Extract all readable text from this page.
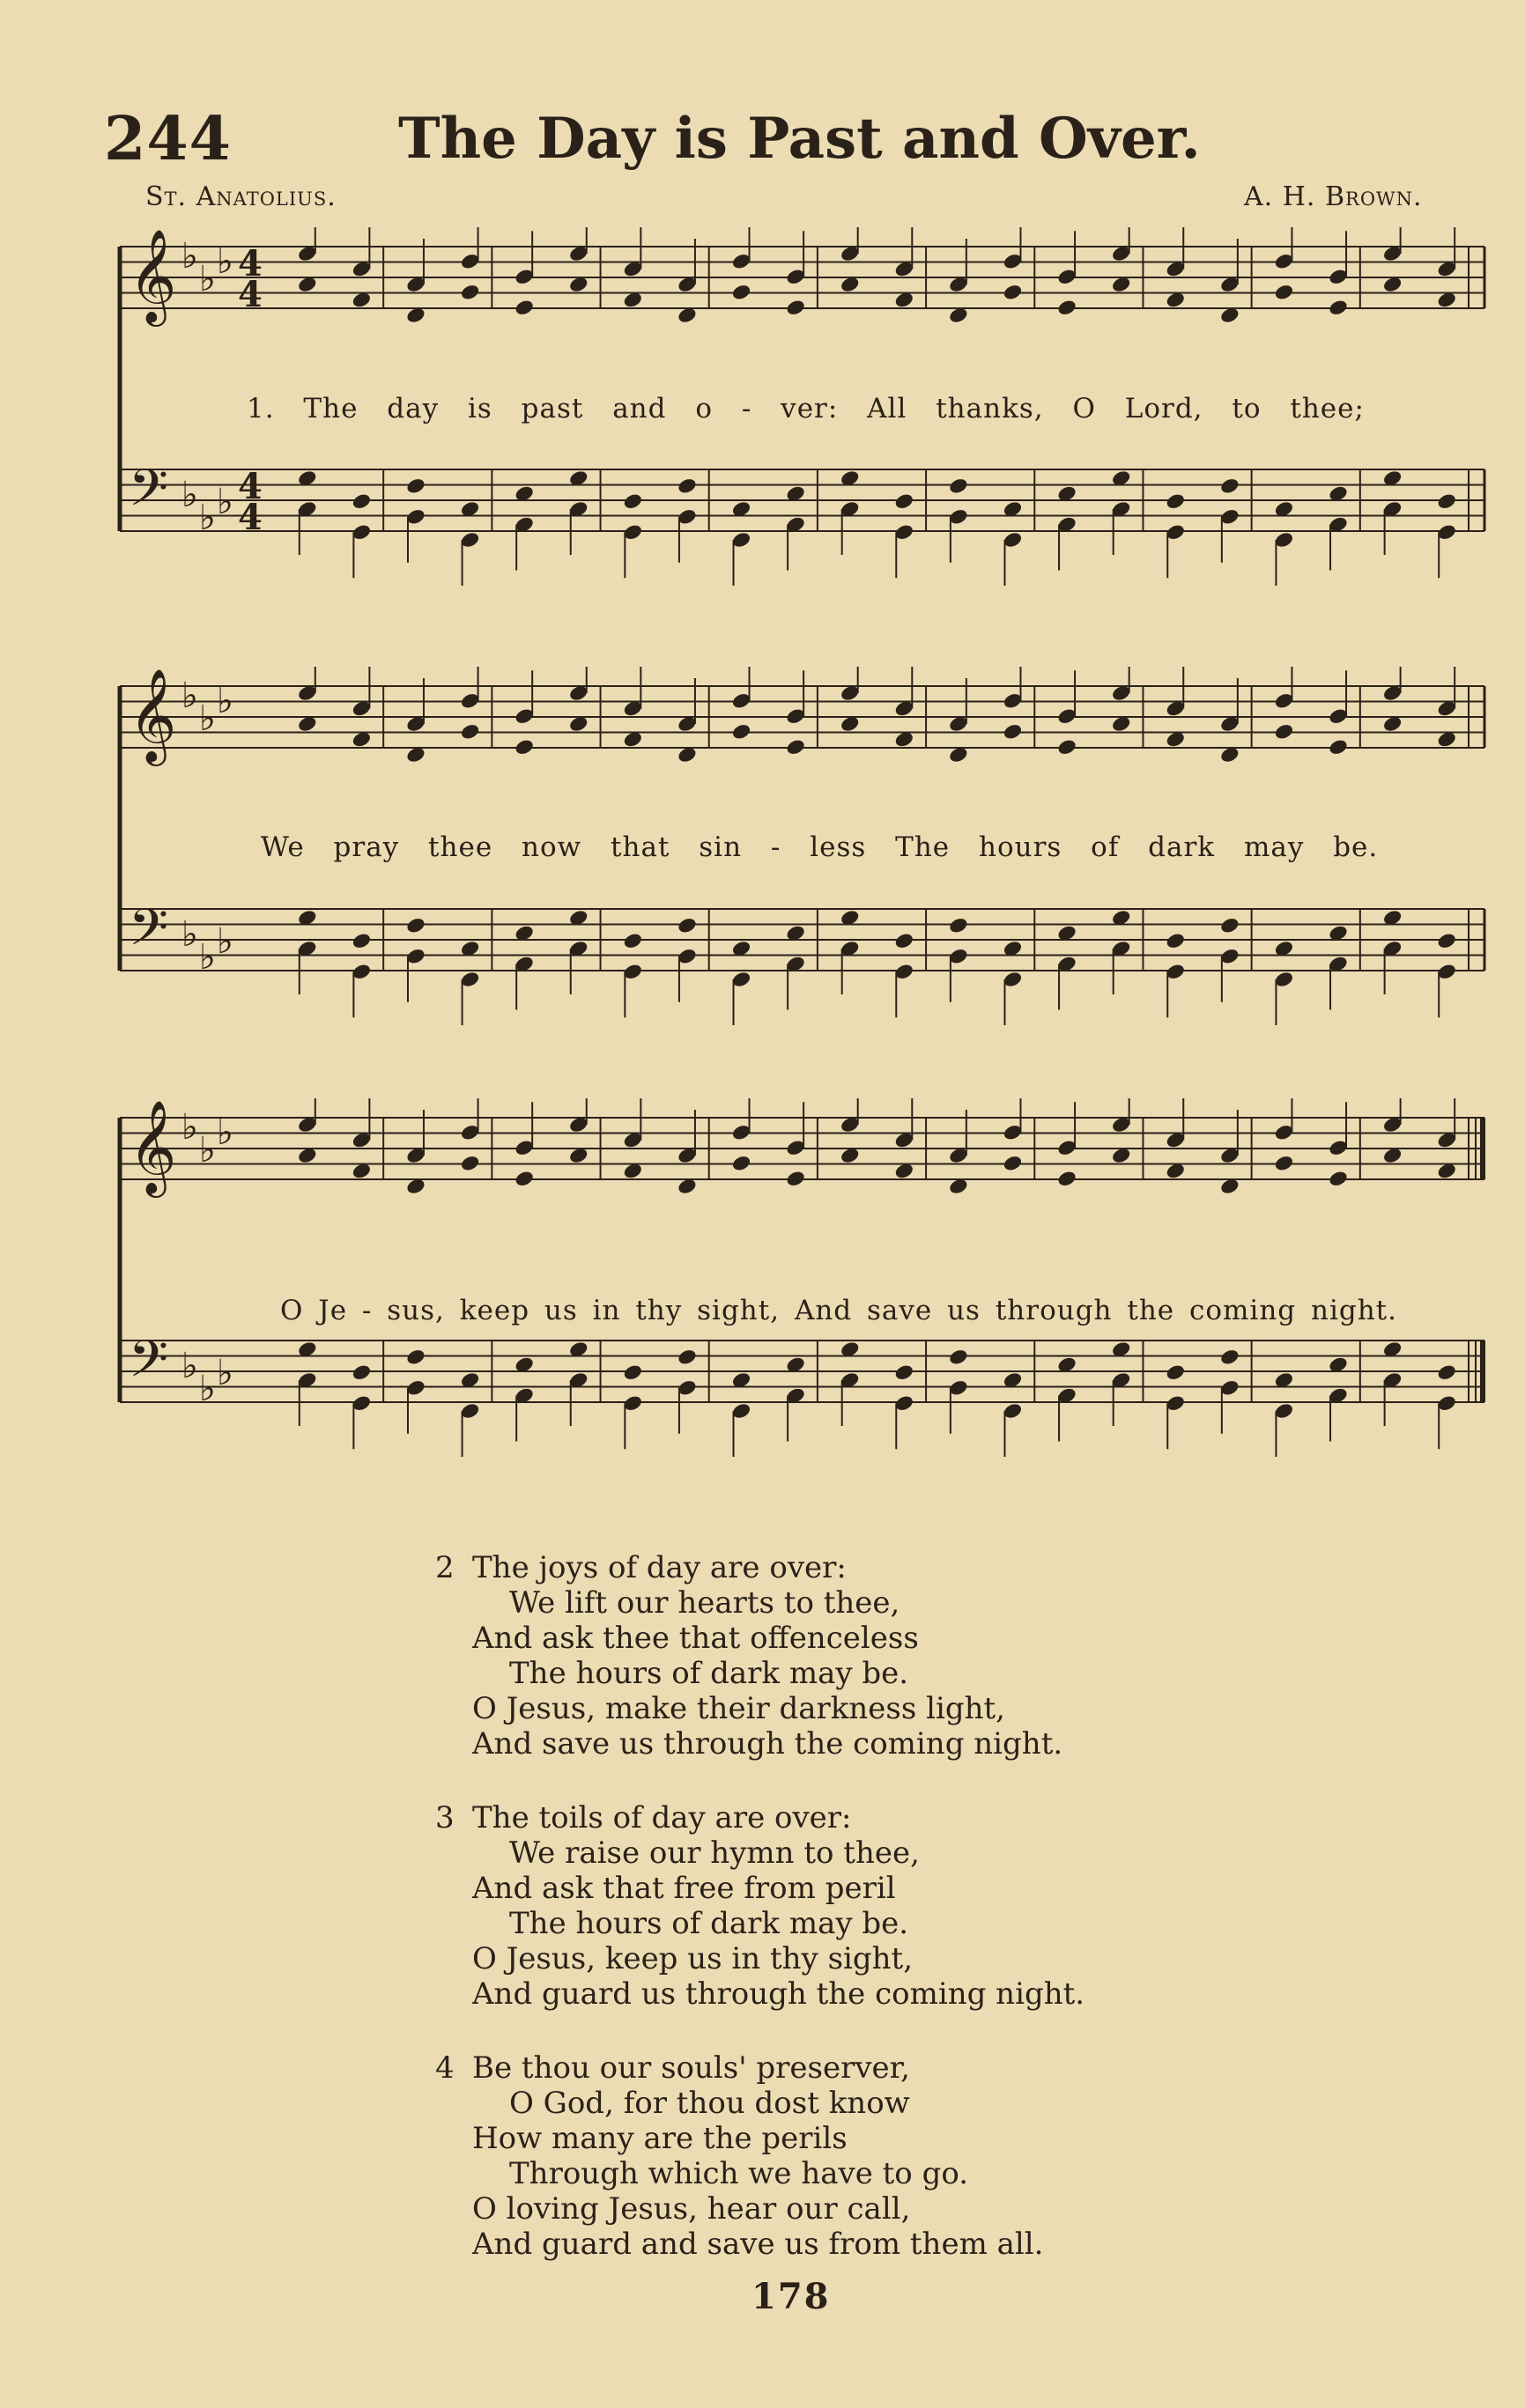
244	The Day is Past and Over.
St. Anatolius.	A. H. Brown.
𝄞
𝄢
♭
♭ ♭
♭
♭ ♭
4
4
4
4
1. The day is past and o - ver: All thanks, O Lord, to thee;
𝄞
𝄢
♭
♭ ♭
♭
♭ ♭
We pray thee now that sin - less The hours of dark may be.
𝄞
𝄢
♭
♭ ♭
♭
♭ ♭
O Je - sus, keep us in thy sight, And save us through the coming night.
2 The joys of day are over:
We lift our hearts to thee,
And ask thee that offenceless
The hours of dark may be.
O Jesus, make their darkness light,
And save us through the coming night.
3 The toils of day are over:
We raise our hymn to thee,
And ask that free from peril
The hours of dark may be.
O Jesus, keep us in thy sight,
And guard us through the coming night.
4 Be thou our souls' preserver,
O God, for thou dost know
How many are the perils
Through which we have to go.
O loving Jesus, hear our call,
And guard and save us from them all.
178
